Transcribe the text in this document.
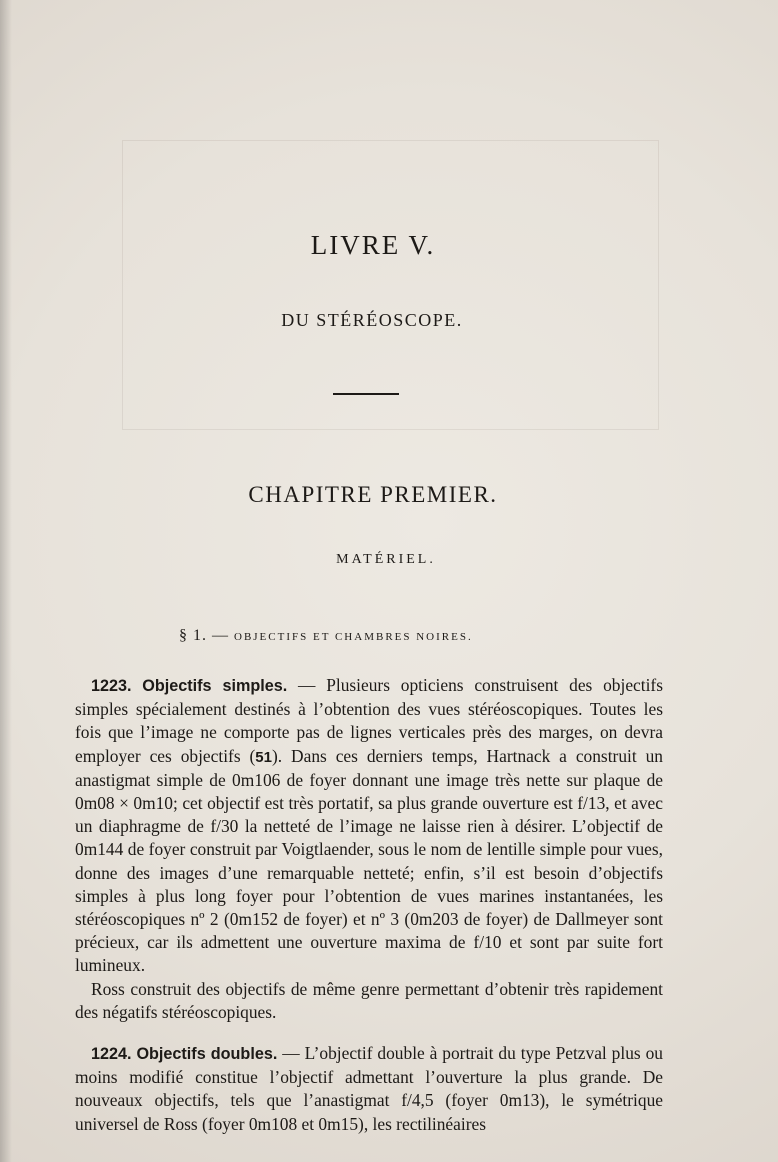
LIVRE V.
DU STÉRÉOSCOPE.
CHAPITRE PREMIER.
MATÉRIEL.
§ 1. — OBJECTIFS ET CHAMBRES NOIRES.

1223. Objectifs simples. — Plusieurs opticiens construisent des objectifs simples spécialement destinés à l’obtention des vues stéréoscopiques. Toutes les fois que l’image ne comporte pas de lignes verticales près des marges, on devra employer ces objectifs (51). Dans ces derniers temps, Hartnack a construit un anastigmat simple de 0m106 de foyer donnant une image très nette sur plaque de 0m08 × 0m10; cet objectif est très portatif, sa plus grande ouverture est f/13, et avec un diaphragme de f/30 la netteté de l’image ne laisse rien à désirer. L’objectif de 0m144 de foyer construit par Voigtlaender, sous le nom de lentille simple pour vues, donne des images d’une remarquable netteté; enfin, s’il est besoin d’objectifs simples à plus long foyer pour l’obtention de vues marines instantanées, les stéréoscopiques nº 2 (0m152 de foyer) et nº 3 (0m203 de foyer) de Dallmeyer sont précieux, car ils admettent une ouverture maxima de f/10 et sont par suite fort lumineux.

Ross construit des objectifs de même genre permettant d’obtenir très rapidement des négatifs stéréoscopiques.

1224. Objectifs doubles. — L’objectif double à portrait du type Petzval plus ou moins modifié constitue l’objectif admettant l’ouverture la plus grande. De nouveaux objectifs, tels que l’anastigmat f/4,5 (foyer 0m13), le symétrique universel de Ross (foyer 0m108 et 0m15), les rectilinéaires
